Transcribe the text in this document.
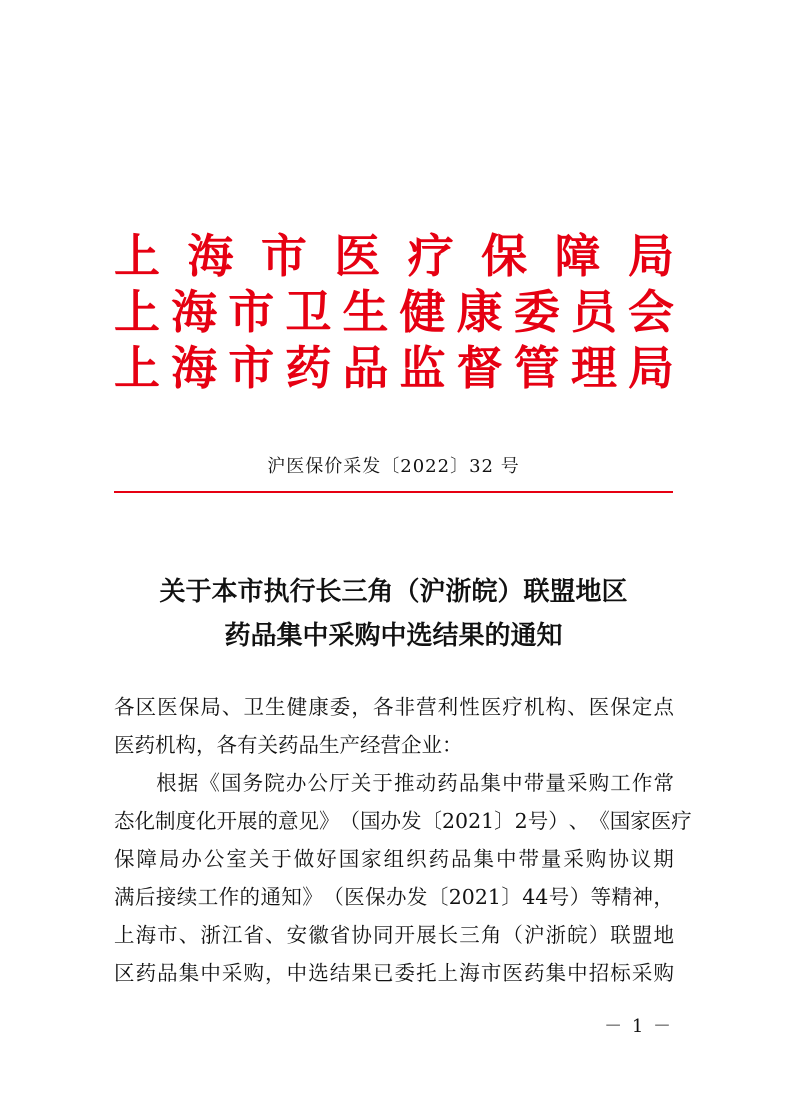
上 海 市 医 疗 保 障 局
上 海 市 卫 生 健 康 委 员 会
上 海 市 药 品 监 督 管 理 局
沪医保价采发〔2022〕32 号
关于本市执行长三角（沪浙皖）联盟地区
药品集中采购中选结果的通知
各 区 医 保 局 、 卫 生 健 康 委 ， 各 非 营 利 性 医 疗 机 构 、 医 保 定 点
医药机构，各有关药品生产经营企业：

根 据 《 国 务 院 办 公 厅 关 于 推 动 药 品 集 中 带 量 采 购 工 作 常
态 化 制 度 化 开 展 的 意 见 》 （ 国 办 发 〔 2021 〕 2 号 ） 、 《 国 家 医 疗
保 障 局 办 公 室 关 于 做 好 国 家 组 织 药 品 集 中 带 量 采 购 协 议 期
满 后 接 续 工 作 的 通 知 》 （ 医 保 办 发 〔 2021 〕 44 号 ） 等 精 神 ，
上 海 市 、 浙 江 省 、 安 徽 省 协 同 开 展 长 三 角 （ 沪 浙 皖 ） 联 盟 地
区 药 品 集 中 采 购 ， 中 选 结 果 已 委 托 上 海 市 医 药 集 中 招 标 采 购
－ 1 －
